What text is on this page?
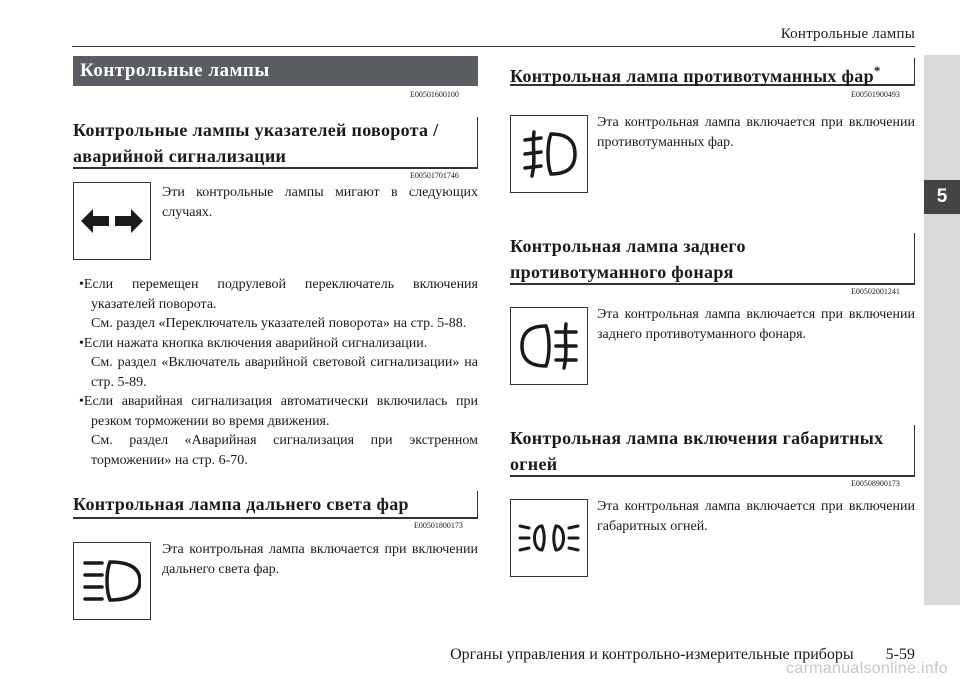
Контрольные лампы
5
Контрольные лампы
E00501600100
Контрольные лампы указателей поворота /
аварийной сигнализации
E00501701746
Эти контрольные лампы мигают в следующих случаях.

•Если перемещен подрулевой переключатель включения указателей поворота.

См. раздел «Переключатель указателей поворота» на стр. 5-88.

•Если нажата кнопка включения аварийной сигнализации.

См. раздел «Включатель аварийной световой сигнализации» на стр. 5-89.

•Если аварийная сигнализация автоматически включилась при резком торможении во время движения.

См. раздел «Аварийная сигнализация при экстренном торможении» на стр. 6-70.

Контрольная лампа дальнего света фар
E00501800173
Эта контрольная лампа включается при включении дальнего света фар.
Контрольная лампа противотуманных фар*
E00501900493
Эта контрольная лампа включается при включении противотуманных фар.
Контрольная лампа заднего
противотуманного фонаря
E00502001241
Эта контрольная лампа включается при включении заднего противотуманного фонаря.
Контрольная лампа включения габаритных
огней
E00508900173
Эта контрольная лампа включается при включении габаритных огней.
Органы управления и контрольно-измерительные приборы 5-59
carmanualsonline.info
